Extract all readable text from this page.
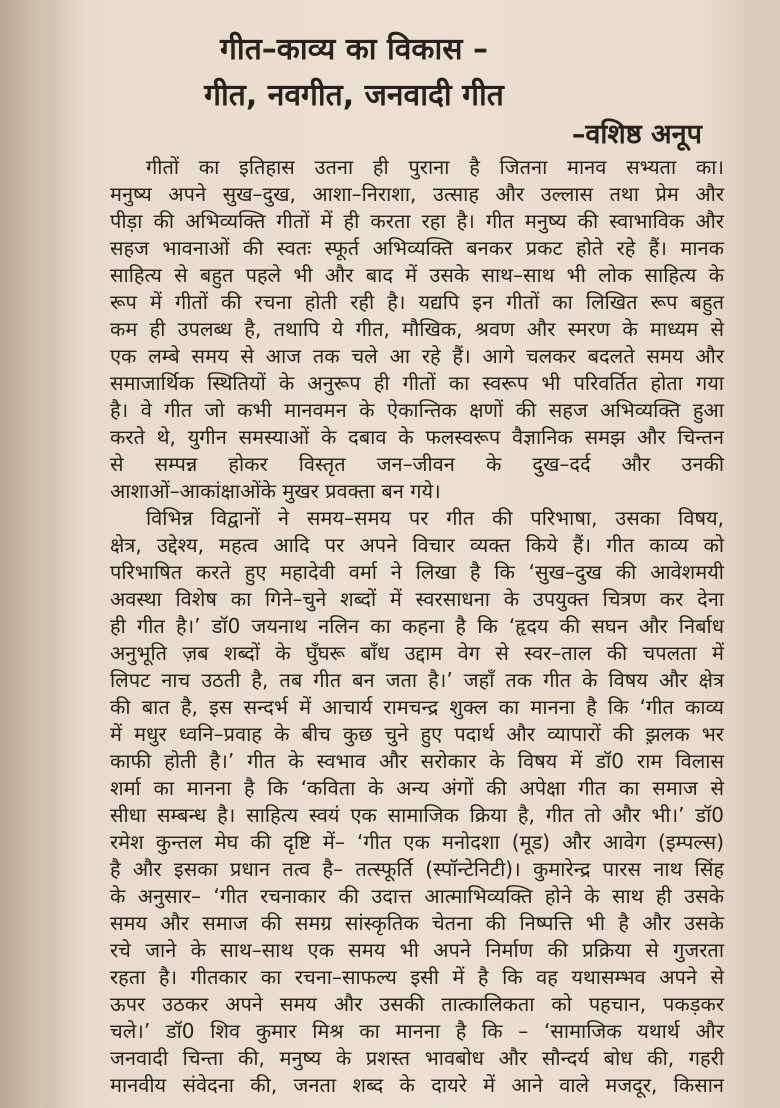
गीत–काव्य का विकास –
गीत, नवगीत, जनवादी गीत
–वशिष्ठ अनूप
गीतों का इतिहास उतना ही पुराना है जितना मानव सभ्यता का।
मनुष्य अपने सुख–दुख, आशा–निराशा, उत्साह और उल्लास तथा प्रेम और
पीड़ा की अभिव्यक्ति गीतों में ही करता रहा है। गीत मनुष्य की स्वाभाविक और
सहज भावनाओं की स्वतः स्फूर्त अभिव्यक्ति बनकर प्रकट होते रहे हैं। मानक
साहित्य से बहुत पहले भी और बाद में उसके साथ–साथ भी लोक साहित्य के
रूप में गीतों की रचना होती रही है। यद्यपि इन गीतों का लिखित रूप बहुत
कम ही उपलब्ध है, तथापि ये गीत, मौखिक, श्रवण और स्मरण के माध्यम से
एक लम्बे समय से आज तक चले आ रहे हैं। आगे चलकर बदलते समय और
समाजार्थिक स्थितियों के अनुरूप ही गीतों का स्वरूप भी परिवर्तित होता गया
है। वे गीत जो कभी मानवमन के ऐकान्तिक क्षणों की सहज अभिव्यक्ति हुआ
करते थे, युगीन समस्याओं के दबाव के फलस्वरूप वैज्ञानिक समझ और चिन्तन
से सम्पन्न होकर विस्तृत जन–जीवन के दुख–दर्द और उनकी
आशाओं–आकांक्षाओंके मुखर प्रवक्ता बन गये।
विभिन्न विद्वानों ने समय–समय पर गीत की परिभाषा, उसका विषय,
क्षेत्र, उद्देश्य, महत्व आदि पर अपने विचार व्यक्त किये हैं। गीत काव्य को
परिभाषित करते हुए महादेवी वर्मा ने लिखा है कि ‘सुख–दुख की आवेशमयी
अवस्था विशेष का गिने–चुने शब्दों में स्वरसाधना के उपयुक्त चित्रण कर देना
ही गीत है।’ डॉ0 जयनाथ नलिन का कहना है कि ‘हृदय की सघन और निर्बाध
अनुभूति ज़ब शब्दों के घुँघरू बाँध उद्दाम वेग से स्वर–ताल की चपलता में
लिपट नाच उठती है, तब गीत बन जता है।’ जहाँ तक गीत के विषय और क्षेत्र
की बात है, इस सन्दर्भ में आचार्य रामचन्द्र शुक्ल का मानना है कि ‘गीत काव्य
में मधुर ध्वनि–प्रवाह के बीच कुछ चुने हुए पदार्थ और व्यापारों की झ़लक भर
काफी होती है।’ गीत के स्वभाव और सरोकार के विषय में डॉ0 राम विलास
शर्मा का मानना है कि ‘कविता के अन्य अंगों की अपेक्षा गीत का समाज से
सीधा सम्बन्ध है। साहित्य स्वयं एक सामाजिक क्रिया है, गीत तो और भी।’ डॉ0
रमेश कुन्तल मेघ की दृष्टि में– ‘गीत एक मनोदशा (मूड) और आवेग (इम्पल्स)
है और इसका प्रधान तत्व है– तत्स्फूर्ति (स्पॉन्टेनिटी)। कुमारेन्द्र पारस नाथ सिंह
के अनुसार– ‘गीत रचनाकार की उदात्त आत्माभिव्यक्ति होने के साथ ही उसके
समय और समाज की समग्र सांस्कृतिक चेतना की निष्पत्ति भी है और उसके
रचे जाने के साथ–साथ एक समय भी अपने निर्माण की प्रक्रिया से गुजरता
रहता है। गीतकार का रचना–साफल्य इसी में है कि वह यथासम्भव अपने से
ऊपर उठकर अपने समय और उसकी तात्कालिकता को पहचान, पकड़कर
चले।’ डॉ0 शिव कुमार मिश्र का मानना है कि – ‘सामाजिक यथार्थ और
जनवादी चिन्ता की, मनुष्य के प्रशस्त भावबोध और सौन्दर्य बोध की, गहरी
मानवीय संवेदना की, जनता शब्द के दायरे में आने वाले मजदूर, किसान
